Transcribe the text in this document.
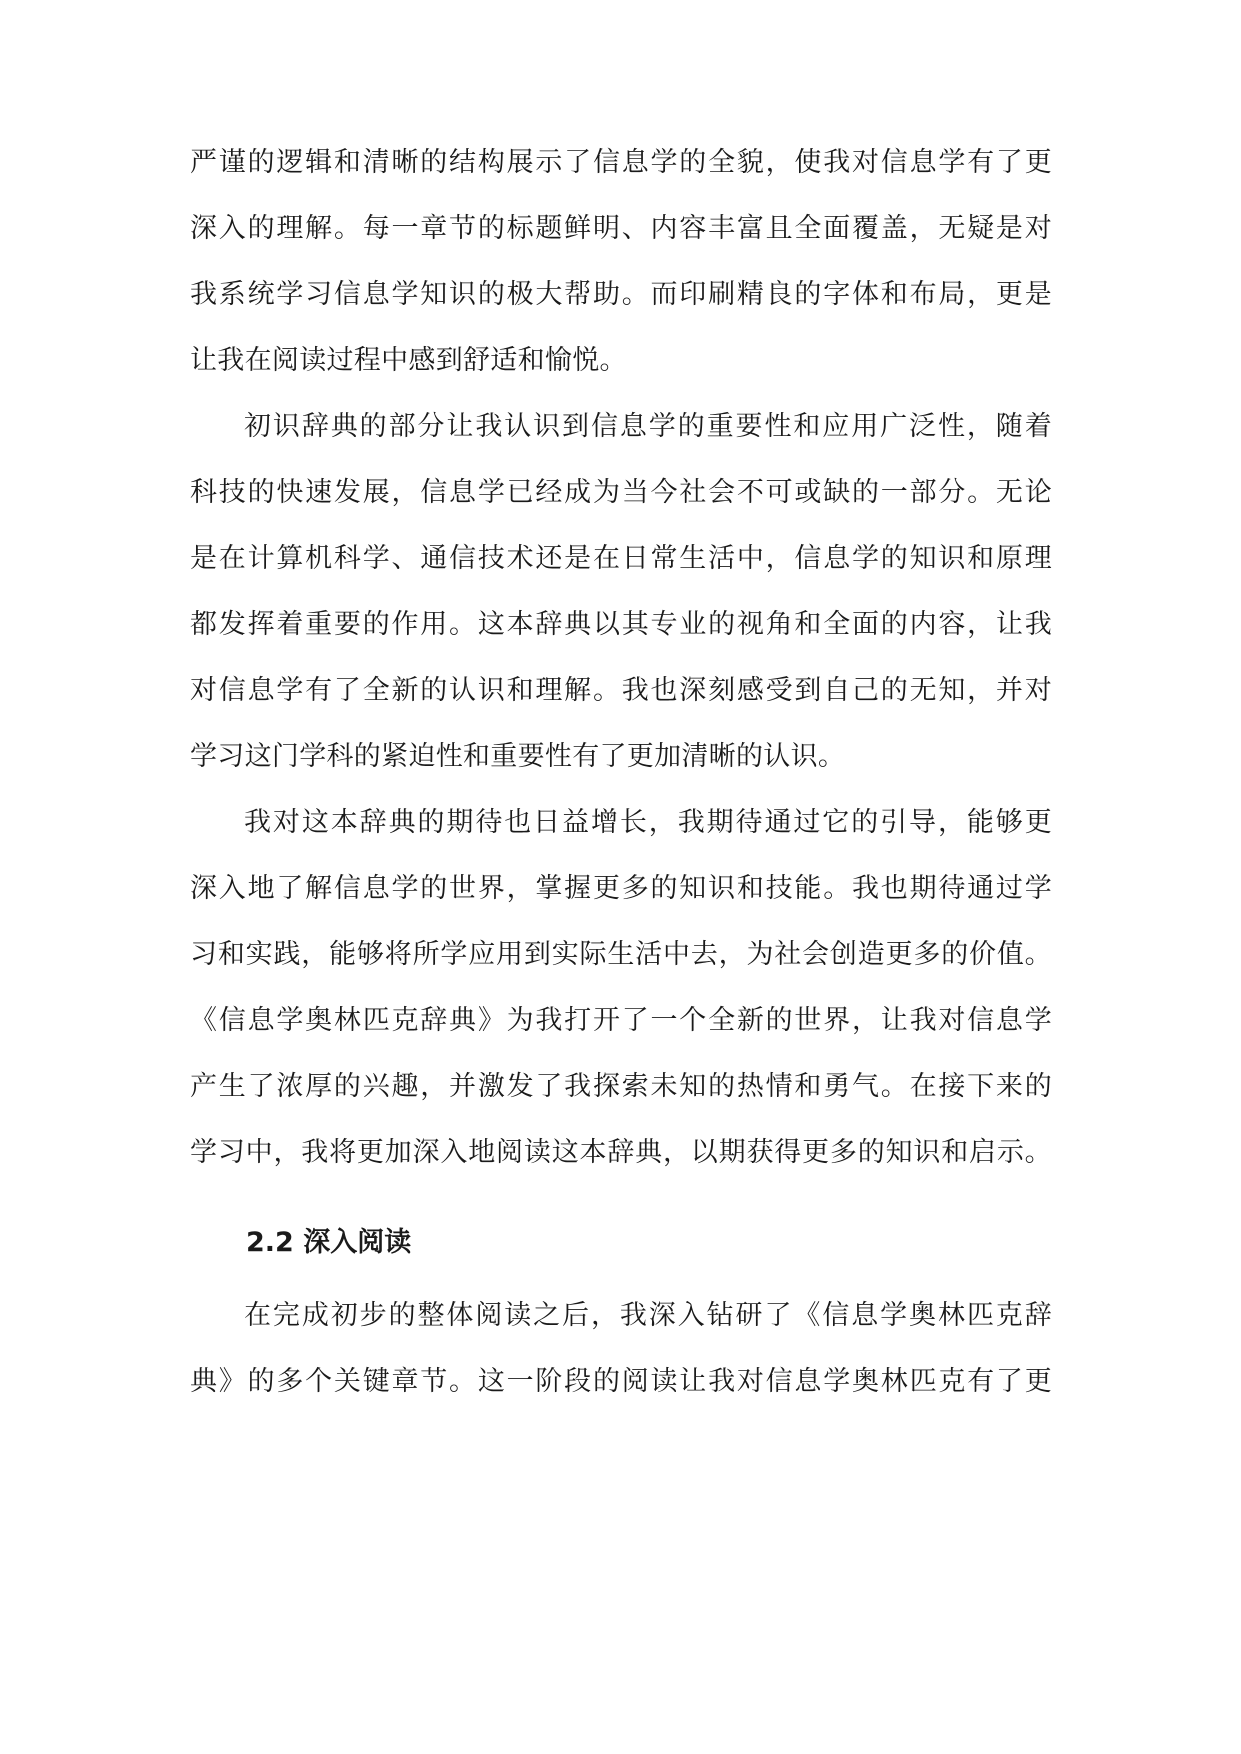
严谨的逻辑和清晰的结构展示了信息学的全貌，使我对信息学有了更
深入的理解。每一章节的标题鲜明、内容丰富且全面覆盖，无疑是对
我系统学习信息学知识的极大帮助。而印刷精良的字体和布局，更是
让我在阅读过程中感到舒适和愉悦。
初识辞典的部分让我认识到信息学的重要性和应用广泛性，随着
科技的快速发展，信息学已经成为当今社会不可或缺的一部分。无论
是在计算机科学、通信技术还是在日常生活中，信息学的知识和原理
都发挥着重要的作用。这本辞典以其专业的视角和全面的内容，让我
对信息学有了全新的认识和理解。我也深刻感受到自己的无知，并对
学习这门学科的紧迫性和重要性有了更加清晰的认识。
我对这本辞典的期待也日益增长，我期待通过它的引导，能够更
深入地了解信息学的世界，掌握更多的知识和技能。我也期待通过学
习和实践，能够将所学应用到实际生活中去，为社会创造更多的价值。
《信息学奥林匹克辞典》为我打开了一个全新的世界，让我对信息学
产生了浓厚的兴趣，并激发了我探索未知的热情和勇气。在接下来的
学习中，我将更加深入地阅读这本辞典，以期获得更多的知识和启示。
2.2 深入阅读
在完成初步的整体阅读之后，我深入钻研了《信息学奥林匹克辞
典》的多个关键章节。这一阶段的阅读让我对信息学奥林匹克有了更
